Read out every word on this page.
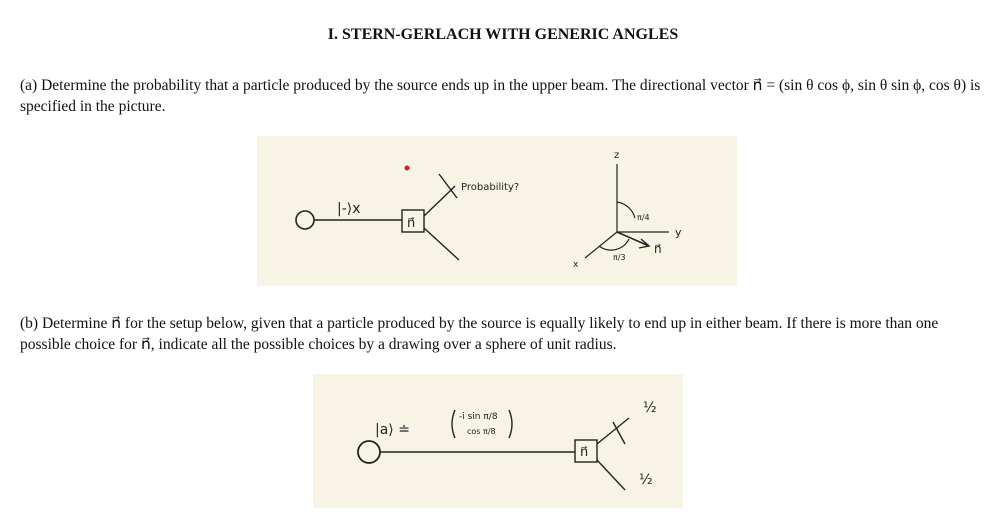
I. STERN-GERLACH WITH GENERIC ANGLES
(a) Determine the probability that a particle produced by the source ends up in the upper beam. The directional vector n⃗ = (sin θ cos ϕ, sin θ sin ϕ, cos θ) is specified in the picture.
|-⟩x
n⃗
Probability?
z
y
x
n⃗
π/4
π/3
(b) Determine n⃗ for the setup below, given that a particle produced by the source is equally likely to end up in either beam. If there is more than one possible choice for n⃗, indicate all the possible choices by a drawing over a sphere of unit radius.
|a⟩ ≐
-i sin π/8
cos π/8
n⃗
½
½
